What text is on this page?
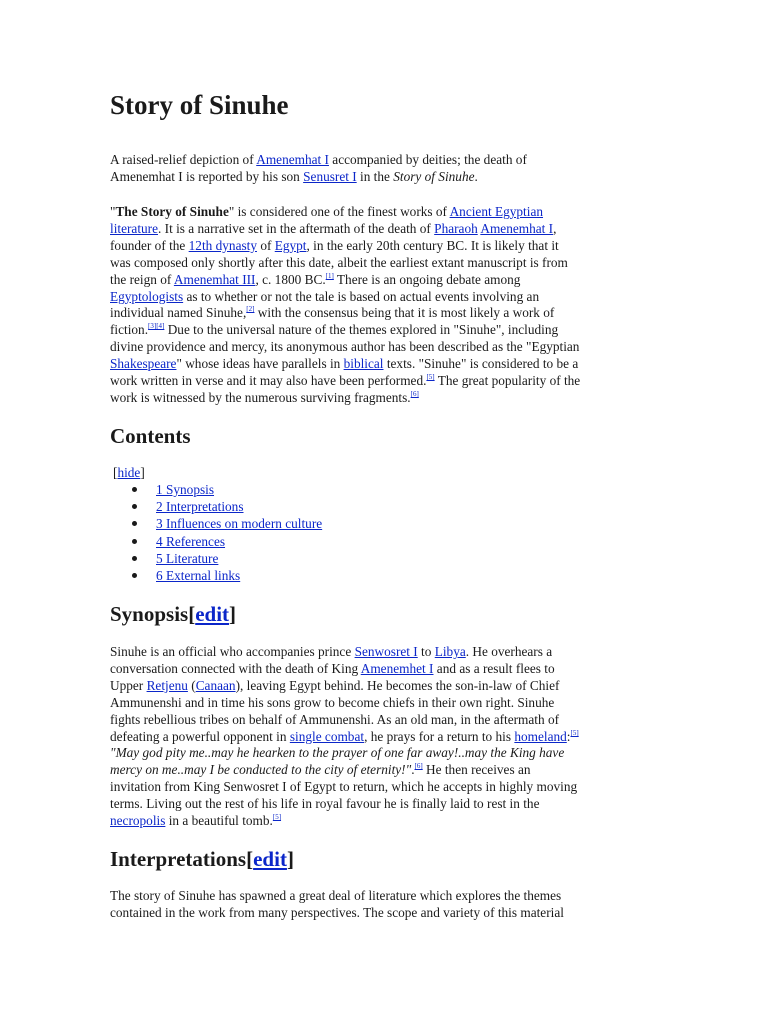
Story of Sinuhe
A raised-relief depiction of Amenemhat I accompanied by deities; the death of
Amenemhat I is reported by his son Senusret I in the Story of Sinuhe.
"The Story of Sinuhe" is considered one of the finest works of Ancient Egyptian
literature. It is a narrative set in the aftermath of the death of Pharaoh Amenemhat I,
founder of the 12th dynasty of Egypt, in the early 20th century BC. It is likely that it
was composed only shortly after this date, albeit the earliest extant manuscript is from
the reign of Amenemhat III, c. 1800 BC.[1] There is an ongoing debate among
Egyptologists as to whether or not the tale is based on actual events involving an
individual named Sinuhe,[2] with the consensus being that it is most likely a work of
fiction.[3][4] Due to the universal nature of the themes explored in "Sinuhe", including
divine providence and mercy, its anonymous author has been described as the "Egyptian
Shakespeare" whose ideas have parallels in biblical texts. "Sinuhe" is considered to be a
work written in verse and it may also have been performed.[5] The great popularity of the
work is witnessed by the numerous surviving fragments.[6]
Contents
[hide]
1 Synopsis
2 Interpretations
3 Influences on modern culture
4 References
5 Literature
6 External links
Synopsis[edit]
Sinuhe is an official who accompanies prince Senwosret I to Libya. He overhears a
conversation connected with the death of King Amenemhet I and as a result flees to
Upper Retjenu (Canaan), leaving Egypt behind. He becomes the son-in-law of Chief
Ammunenshi and in time his sons grow to become chiefs in their own right. Sinuhe
fights rebellious tribes on behalf of Ammunenshi. As an old man, in the aftermath of
defeating a powerful opponent in single combat, he prays for a return to his homeland:[5]
"May god pity me..may he hearken to the prayer of one far away!..may the King have
mercy on me..may I be conducted to the city of eternity!".[6] He then receives an
invitation from King Senwosret I of Egypt to return, which he accepts in highly moving
terms. Living out the rest of his life in royal favour he is finally laid to rest in the
necropolis in a beautiful tomb.[5]
Interpretations[edit]
The story of Sinuhe has spawned a great deal of literature which explores the themes
contained in the work from many perspectives. The scope and variety of this material
